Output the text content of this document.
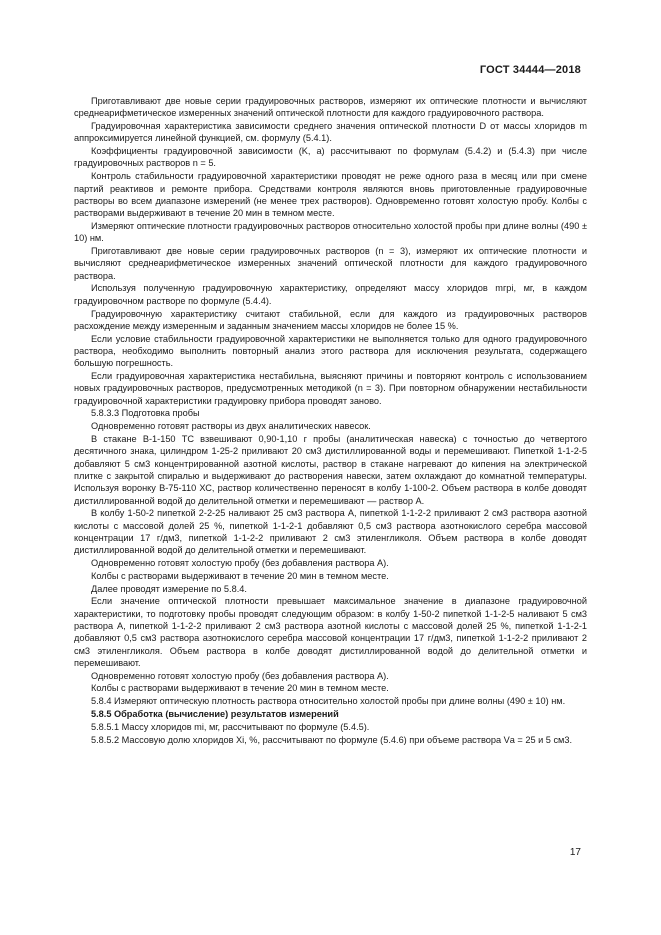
ГОСТ 34444—2018

Приготавливают две новые серии градуировочных растворов, измеряют их оптические плотности и вычисляют среднеарифметическое измеренных значений оптической плотности для каждого градуировочного раствора.

Градуировочная характеристика зависимости среднего значения оптической плотности D от массы хлоридов m аппроксимируется линейной функцией, см. формулу (5.4.1).

Коэффициенты градуировочной зависимости (K, a) рассчитывают по формулам (5.4.2) и (5.4.3) при числе градуировочных растворов n = 5.

Контроль стабильности градуировочной характеристики проводят не реже одного раза в месяц или при смене партий реактивов и ремонте прибора. Средствами контроля являются вновь приготовленные градуировочные растворы во всем диапазоне измерений (не менее трех растворов). Одновременно готовят холостую пробу. Колбы с растворами выдерживают в течение 20 мин в темном месте.

Измеряют оптические плотности градуировочных растворов относительно холостой пробы при длине волны (490 ± 10) нм.

Приготавливают две новые серии градуировочных растворов (n = 3), измеряют их оптические плотности и вычисляют среднеарифметическое измеренных значений оптической плотности для каждого градуировочного раствора.

Используя полученную градуировочную характеристику, определяют массу хлоридов mгрi, мг, в каждом градуировочном растворе по формуле (5.4.4).

Градуировочную характеристику считают стабильной, если для каждого из градуировочных растворов расхождение между измеренным и заданным значением массы хлоридов не более 15 %.

Если условие стабильности градуировочной характеристики не выполняется только для одного градуировочного раствора, необходимо выполнить повторный анализ этого раствора для исключения результата, содержащего большую погрешность.

Если градуировочная характеристика нестабильна, выясняют причины и повторяют контроль с использованием новых градуировочных растворов, предусмотренных методикой (n = 3). При повторном обнаружении нестабильности градуировочной характеристики градуировку прибора проводят заново.

5.8.3.3 Подготовка пробы

Одновременно готовят растворы из двух аналитических навесок.

В стакане В-1-150 ТС взвешивают 0,90-1,10 г пробы (аналитическая навеска) с точностью до четвертого десятичного знака, цилиндром 1-25-2 приливают 20 см3 дистиллированной воды и перемешивают. Пипеткой 1-1-2-5 добавляют 5 см3 концентрированной азотной кислоты, раствор в стакане нагревают до кипения на электрической плитке с закрытой спиралью и выдерживают до растворения навески, затем охлаждают до комнатной температуры. Используя воронку В-75-110 ХС, раствор количественно переносят в колбу 1-100-2. Объем раствора в колбе доводят дистиллированной водой до делительной отметки и перемешивают — раствор А.

В колбу 1-50-2 пипеткой 2-2-25 наливают 25 см3 раствора А, пипеткой 1-1-2-2 приливают 2 см3 раствора азотной кислоты с массовой долей 25 %, пипеткой 1-1-2-1 добавляют 0,5 см3 раствора азотнокислого серебра массовой концентрации 17 г/дм3, пипеткой 1-1-2-2 приливают 2 см3 этиленгликоля. Объем раствора в колбе доводят дистиллированной водой до делительной отметки и перемешивают.

Одновременно готовят холостую пробу (без добавления раствора А).

Колбы с растворами выдерживают в течение 20 мин в темном месте.

Далее проводят измерение по 5.8.4.

Если значение оптической плотности превышает максимальное значение в диапазоне градуировочной характеристики, то подготовку пробы проводят следующим образом: в колбу 1-50-2 пипеткой 1-1-2-5 наливают 5 см3 раствора А, пипеткой 1-1-2-2 приливают 2 см3 раствора азотной кислоты с массовой долей 25 %, пипеткой 1-1-2-1 добавляют 0,5 см3 раствора азотнокислого серебра массовой концентрации 17 г/дм3, пипеткой 1-1-2-2 приливают 2 см3 этиленгликоля. Объем раствора в колбе доводят дистиллированной водой до делительной отметки и перемешивают.

Одновременно готовят холостую пробу (без добавления раствора А).

Колбы с растворами выдерживают в течение 20 мин в темном месте.

5.8.4 Измеряют оптическую плотность раствора относительно холостой пробы при длине волны (490 ± 10) нм.

5.8.5 Обработка (вычисление) результатов измерений

5.8.5.1 Массу хлоридов mi, мг, рассчитывают по формуле (5.4.5).

5.8.5.2 Массовую долю хлоридов Xi, %, рассчитывают по формуле (5.4.6) при объеме раствора Vа = 25 и 5 см3.

17
